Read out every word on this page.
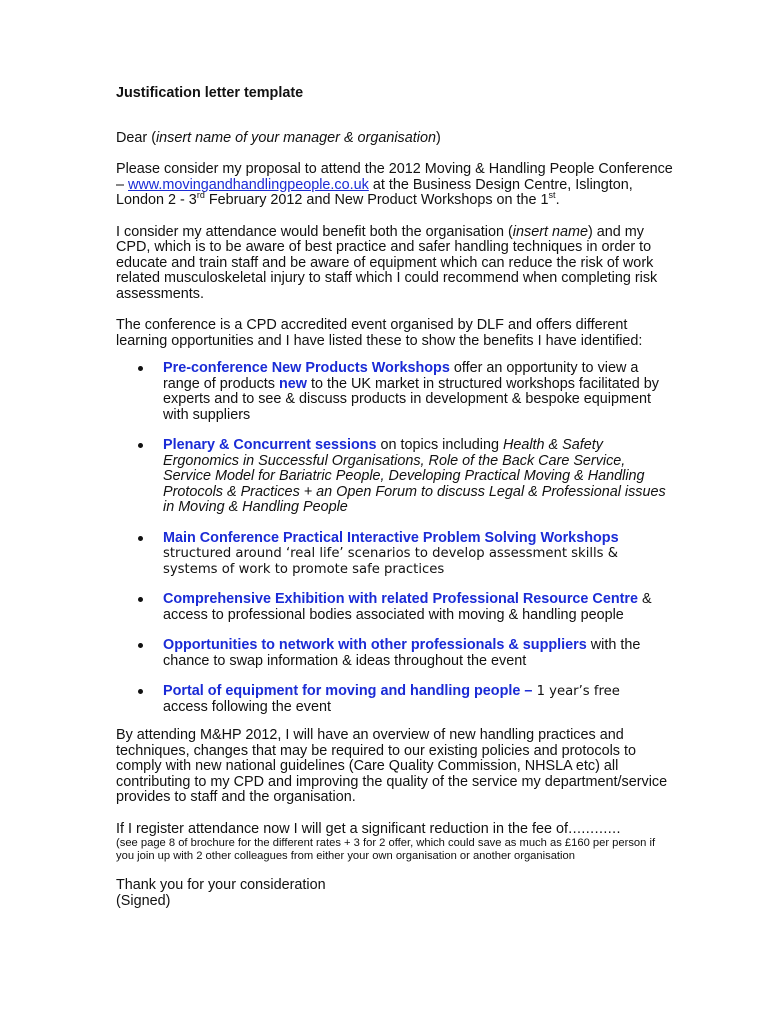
Justification letter template

Dear (insert name of your manager & organisation)

Please consider my proposal to attend the 2012 Moving & Handling People Conference – www.movingandhandlingpeople.co.uk at the Business Design Centre, Islington, London 2 - 3rd February 2012 and New Product Workshops on the 1st.

I consider my attendance would benefit both the organisation (insert name) and my CPD, which is to be aware of best practice and safer handling techniques in order to educate and train staff and be aware of equipment which can reduce the risk of work related musculoskeletal injury to staff which I could recommend when completing risk assessments.

The conference is a CPD accredited event organised by DLF and offers different learning opportunities and I have listed these to show the benefits I have identified:

Pre-conference New Products Workshops offer an opportunity to view a range of products new to the UK market in structured workshops facilitated by experts and to see & discuss products in development & bespoke equipment with suppliers
Plenary & Concurrent sessions on topics including Health & Safety Ergonomics in Successful Organisations, Role of the Back Care Service, Service Model for Bariatric People, Developing Practical Moving & Handling Protocols & Practices + an Open Forum to discuss Legal & Professional issues in Moving & Handling People
Main Conference Practical Interactive Problem Solving Workshops
structured around ‘real life’ scenarios to develop assessment skills & systems of work to promote safe practices
Comprehensive Exhibition with related Professional Resource Centre & access to professional bodies associated with moving & handling people
Opportunities to network with other professionals & suppliers with the chance to swap information & ideas throughout the event
Portal of equipment for moving and handling people – 1 year’s free
access following the event

By attending M&HP 2012, I will have an overview of new handling practices and techniques, changes that may be required to our existing policies and protocols to comply with new national guidelines (Care Quality Commission, NHSLA etc) all contributing to my CPD and improving the quality of the service my department/service provides to staff and the organisation.

If I register attendance now I will get a significant reduction in the fee of…………

(see page 8 of brochure for the different rates + 3 for 2 offer, which could save as much as £160 per person if you join up with 2 other colleagues from either your own organisation or another organisation

Thank you for your consideration

(Signed)
